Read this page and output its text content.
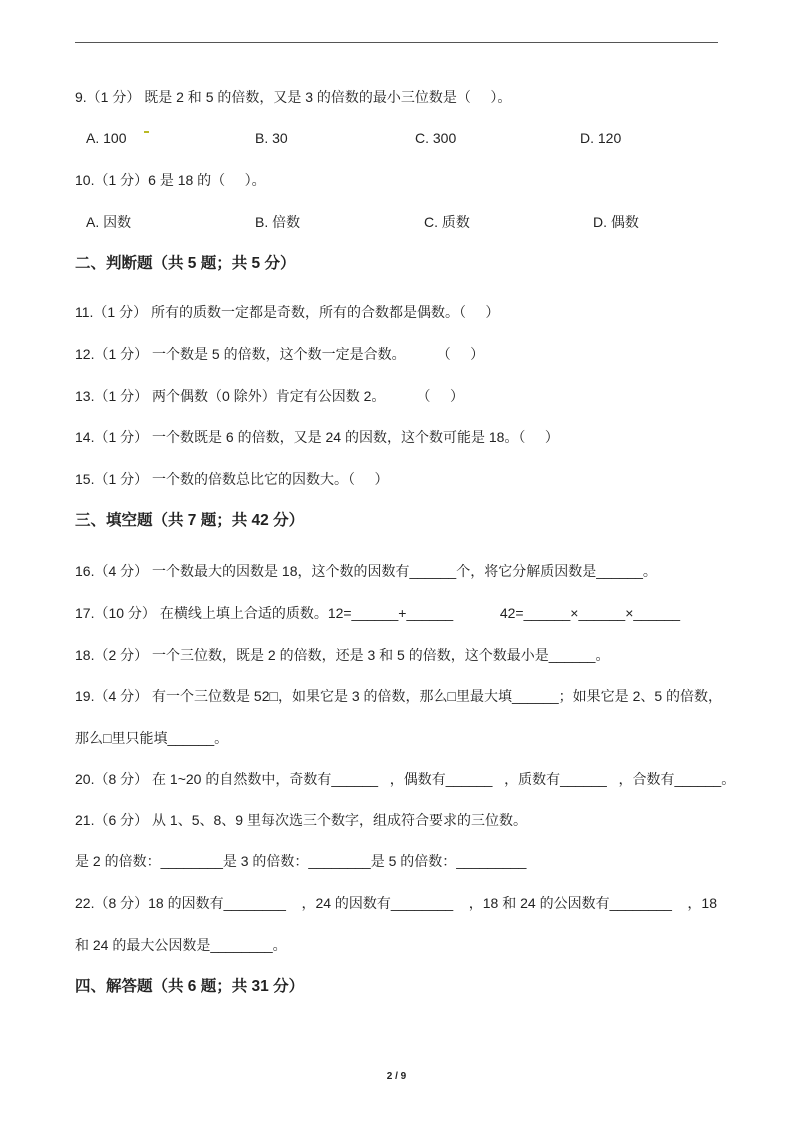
9.（1 分） 既是 2 和 5 的倍数，又是 3 的倍数的最小三位数是（     ）。
A. 100	B. 30	C. 300	D. 120
10.（1 分）6 是 18 的（     ）。
A. 因数	B. 倍数	C. 质数	D. 偶数
二、判断题（共 5 题；共 5 分）
11.（1 分） 所有的质数一定都是奇数，所有的合数都是偶数。（     ）
12.（1 分） 一个数是 5 的倍数，这个数一定是合数。        （     ）
13.（1 分） 两个偶数（0 除外）肯定有公因数 2。        （     ）
14.（1 分） 一个数既是 6 的倍数，又是 24 的因数，这个数可能是 18。（     ）
15.（1 分） 一个数的倍数总比它的因数大。（     ）
三、填空题（共 7 题；共 42 分）
16.（4 分） 一个数最大的因数是 18，这个数的因数有______个，将它分解质因数是______。
17.（10 分） 在横线上填上合适的质数。12=______+______            42=______×______×______
18.（2 分） 一个三位数，既是 2 的倍数，还是 3 和 5 的倍数，这个数最小是______。
19.（4 分） 有一个三位数是 52□，如果它是 3 的倍数，那么□里最大填______；如果它是 2、5 的倍数，
那么□里只能填______。
20.（8 分） 在 1~20 的自然数中，奇数有______   ，偶数有______   ，质数有______   ，合数有______。
21.（6 分） 从 1、5、8、9 里每次选三个数字，组成符合要求的三位数。
是 2 的倍数：________是 3 的倍数：________是 5 的倍数：_________
22.（8 分）18 的因数有________    ，24 的因数有________    ，18 和 24 的公因数有________    ，18
和 24 的最大公因数是________。
四、解答题（共 6 题；共 31 分）
2 / 9
